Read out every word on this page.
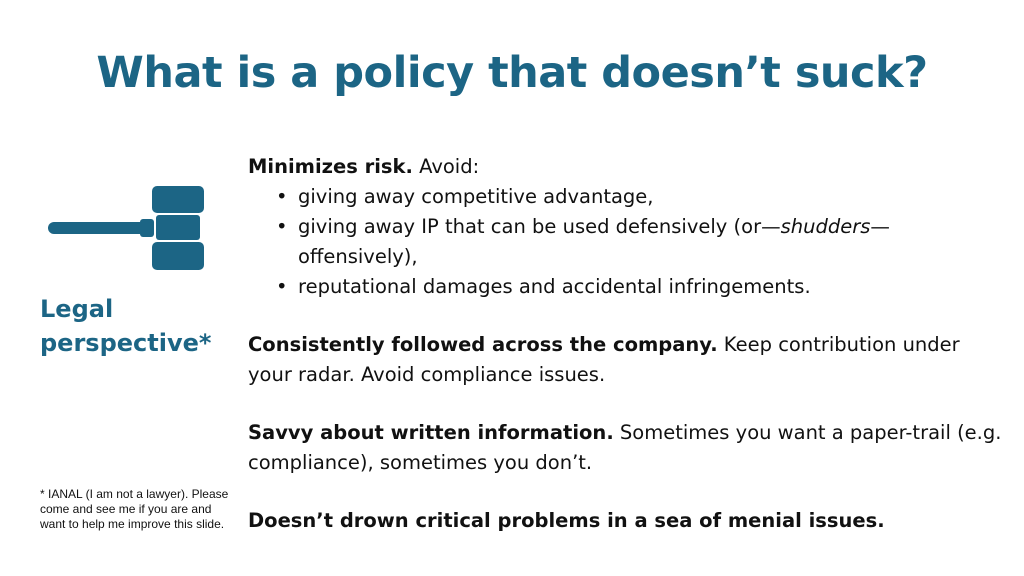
What is a policy that doesn’t suck?
Legal
perspective*
* IANAL (I am not a lawyer). Please come and see me if you are and want to help me improve this slide.

Minimizes risk. Avoid:

• giving away competitive advantage,
• giving away IP that can be used defensively (or—shudders—offensively),
• reputational damages and accidental infringements.

Consistently followed across the company. Keep contribution under your radar. Avoid compliance issues.

Savvy about written information. Sometimes you want a paper-trail (e.g. compliance), sometimes you don’t.

Doesn’t drown critical problems in a sea of menial issues.
